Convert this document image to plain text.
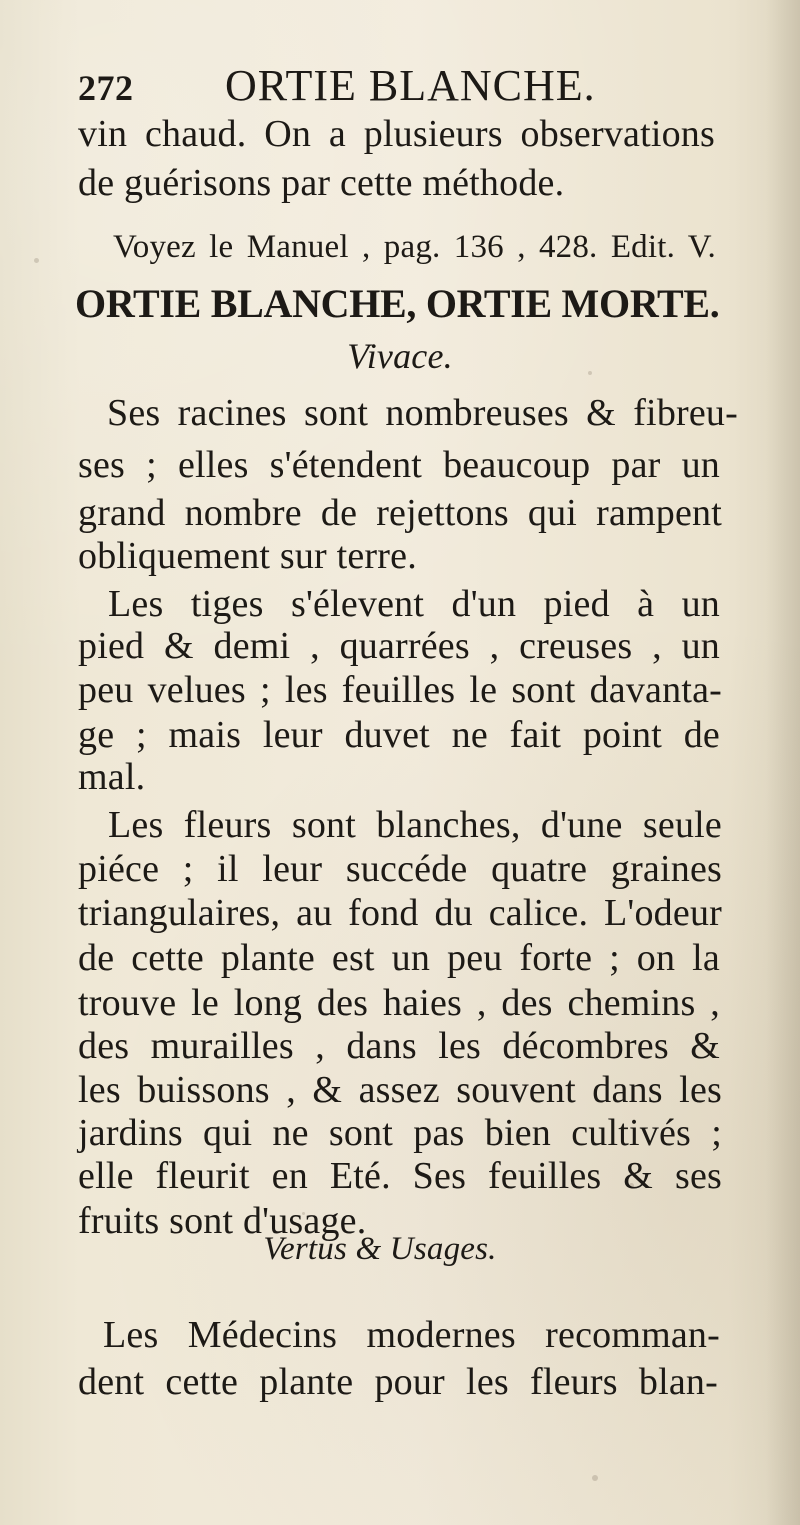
272 ORTIE BLANCHE.
vin chaud. On a plusieurs observations
de guérisons par cette méthode.
Voyez le Manuel , pag. 136 , 428. Edit. V.
ORTIE BLANCHE, ORTIE MORTE.
Vivace.
Ses racines sont nombreuses & fibreu-
ses ; elles s'étendent beaucoup par un
grand nombre de rejettons qui rampent
obliquement sur terre.
Les tiges s'élevent d'un pied à un
pied & demi , quarrées , creuses , un
peu velues ; les feuilles le sont davanta-
ge ; mais leur duvet ne fait point de
mal.
Les fleurs sont blanches, d'une seule
piéce ; il leur succéde quatre graines
triangulaires, au fond du calice. L'odeur
de cette plante est un peu forte ; on la
trouve le long des haies , des chemins ,
des murailles , dans les décombres &
les buissons , & assez souvent dans les
jardins qui ne sont pas bien cultivés ;
elle fleurit en Eté. Ses feuilles & ses
fruits sont d'usage.
Vertus & Usages.
Les Médecins modernes recomman-
dent cette plante pour les fleurs blan-
